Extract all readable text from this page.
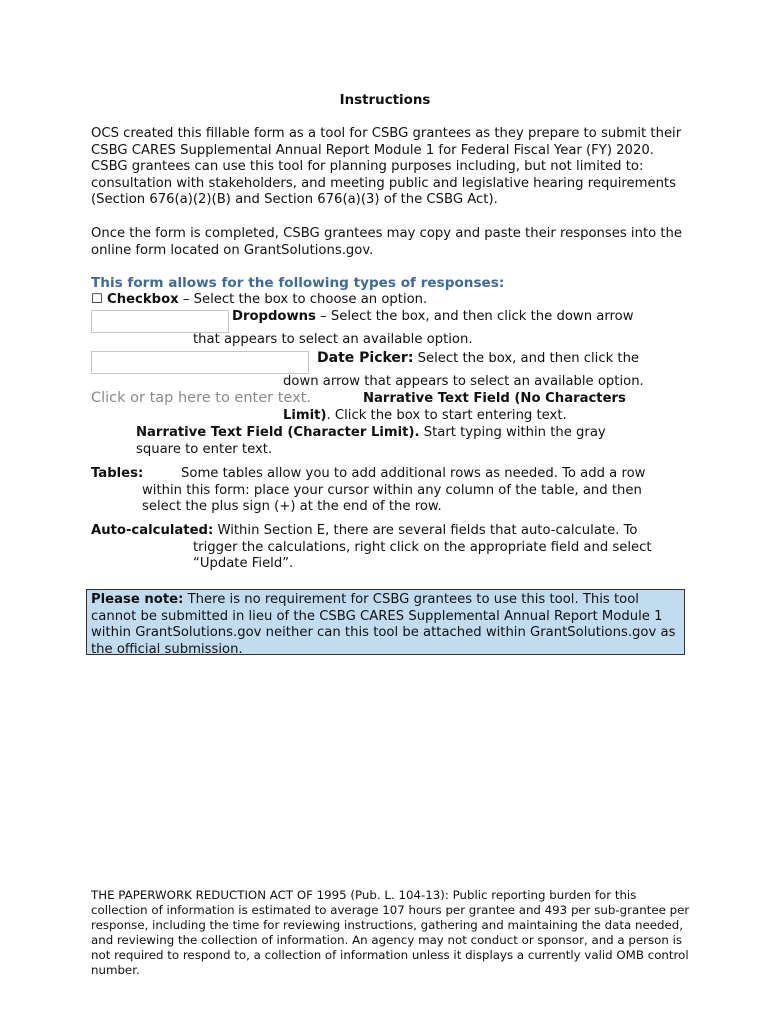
Instructions
OCS created this fillable form as a tool for CSBG grantees as they prepare to submit their CSBG CARES Supplemental Annual Report Module 1 for Federal Fiscal Year (FY) 2020. CSBG grantees can use this tool for planning purposes including, but not limited to: consultation with stakeholders, and meeting public and legislative hearing requirements (Section 676(a)(2)(B) and Section 676(a)(3) of the CSBG Act).
Once the form is completed, CSBG grantees may copy and paste their responses into the online form located on GrantSolutions.gov.
This form allows for the following types of responses:
☐ Checkbox – Select the box to choose an option.
Dropdowns – Select the box, and then click the down arrow
that appears to select an available option.
Date Picker: Select the box, and then click the
down arrow that appears to select an available option.
Click or tap here to enter text.	Narrative Text Field (No Characters
Limit). Click the box to start entering text.
Narrative Text Field (Character Limit). Start typing within the gray
square to enter text.
Tables:	Some tables allow you to add additional rows as needed. To add a row
within this form: place your cursor within any column of the table, and then
select the plus sign (+) at the end of the row.
Auto-calculated: Within Section E, there are several fields that auto-calculate. To
trigger the calculations, right click on the appropriate field and select
“Update Field”.
Please note: There is no requirement for CSBG grantees to use this tool. This tool cannot be submitted in lieu of the CSBG CARES Supplemental Annual Report Module 1 within GrantSolutions.gov neither can this tool be attached within GrantSolutions.gov as the official submission.
THE PAPERWORK REDUCTION ACT OF 1995 (Pub. L. 104-13): Public reporting burden for this collection of information is estimated to average 107 hours per grantee and 493 per sub-grantee per response, including the time for reviewing instructions, gathering and maintaining the data needed, and reviewing the collection of information. An agency may not conduct or sponsor, and a person is not required to respond to, a collection of information unless it displays a currently valid OMB control number.
